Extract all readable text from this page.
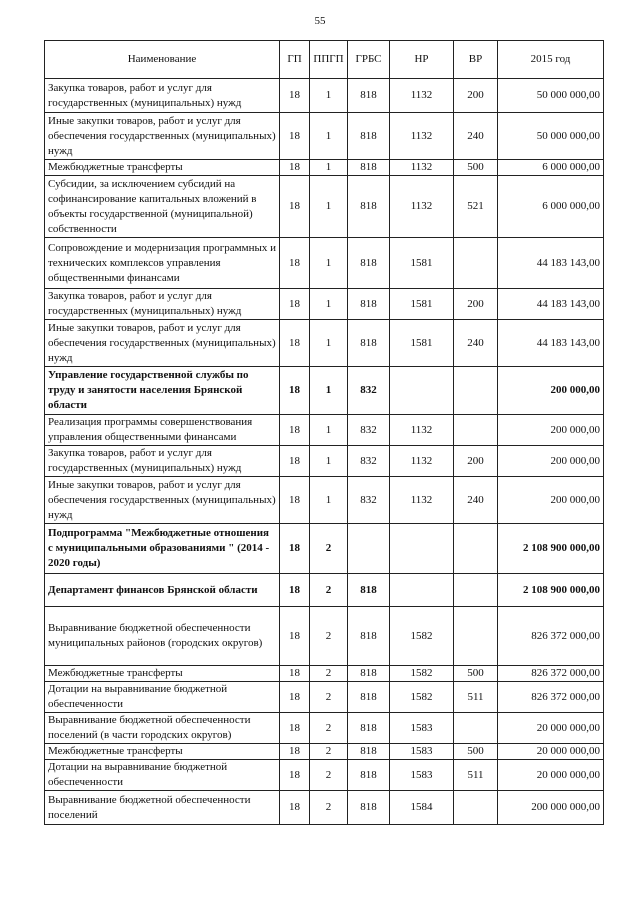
55
Наименование	ГП	ППГП	ГРБС	НР	ВР	2015 год
Закупка товаров, работ и услуг для государственных (муниципальных) нужд	18	1	818	1132	200	50 000 000,00
Иные закупки товаров, работ и услуг для обеспечения государственных (муниципальных) нужд	18	1	818	1132	240	50 000 000,00
Межбюджетные трансферты	18	1	818	1132	500	6 000 000,00
Субсидии, за исключением субсидий на софинансирование капитальных вложений в объекты государственной (муниципальной) собственности	18	1	818	1132	521	6 000 000,00
Сопровождение и модернизация программных и технических комплексов управления общественными финансами	18	1	818	1581		44 183 143,00
Закупка товаров, работ и услуг для государственных (муниципальных) нужд	18	1	818	1581	200	44 183 143,00
Иные закупки товаров, работ и услуг для обеспечения государственных (муниципальных) нужд	18	1	818	1581	240	44 183 143,00
Управление государственной службы по труду и занятости населения Брянской области	18	1	832			200 000,00
Реализация программы совершенствования управления общественными финансами	18	1	832	1132		200 000,00
Закупка товаров, работ и услуг для государственных (муниципальных) нужд	18	1	832	1132	200	200 000,00
Иные закупки товаров, работ и услуг для обеспечения государственных (муниципальных) нужд	18	1	832	1132	240	200 000,00
Подпрограмма "Межбюджетные отношения с муниципальными образованиями " (2014 - 2020 годы)	18	2				2 108 900 000,00
Департамент финансов Брянской области	18	2	818			2 108 900 000,00
Выравнивание бюджетной обеспеченности муниципальных районов (городских округов)	18	2	818	1582		826 372 000,00
Межбюджетные трансферты	18	2	818	1582	500	826 372 000,00
Дотации на выравнивание бюджетной обеспеченности	18	2	818	1582	511	826 372 000,00
Выравнивание бюджетной обеспеченности поселений (в части городских округов)	18	2	818	1583		20 000 000,00
Межбюджетные трансферты	18	2	818	1583	500	20 000 000,00
Дотации на выравнивание бюджетной обеспеченности	18	2	818	1583	511	20 000 000,00
Выравнивание бюджетной обеспеченности поселений	18	2	818	1584		200 000 000,00
